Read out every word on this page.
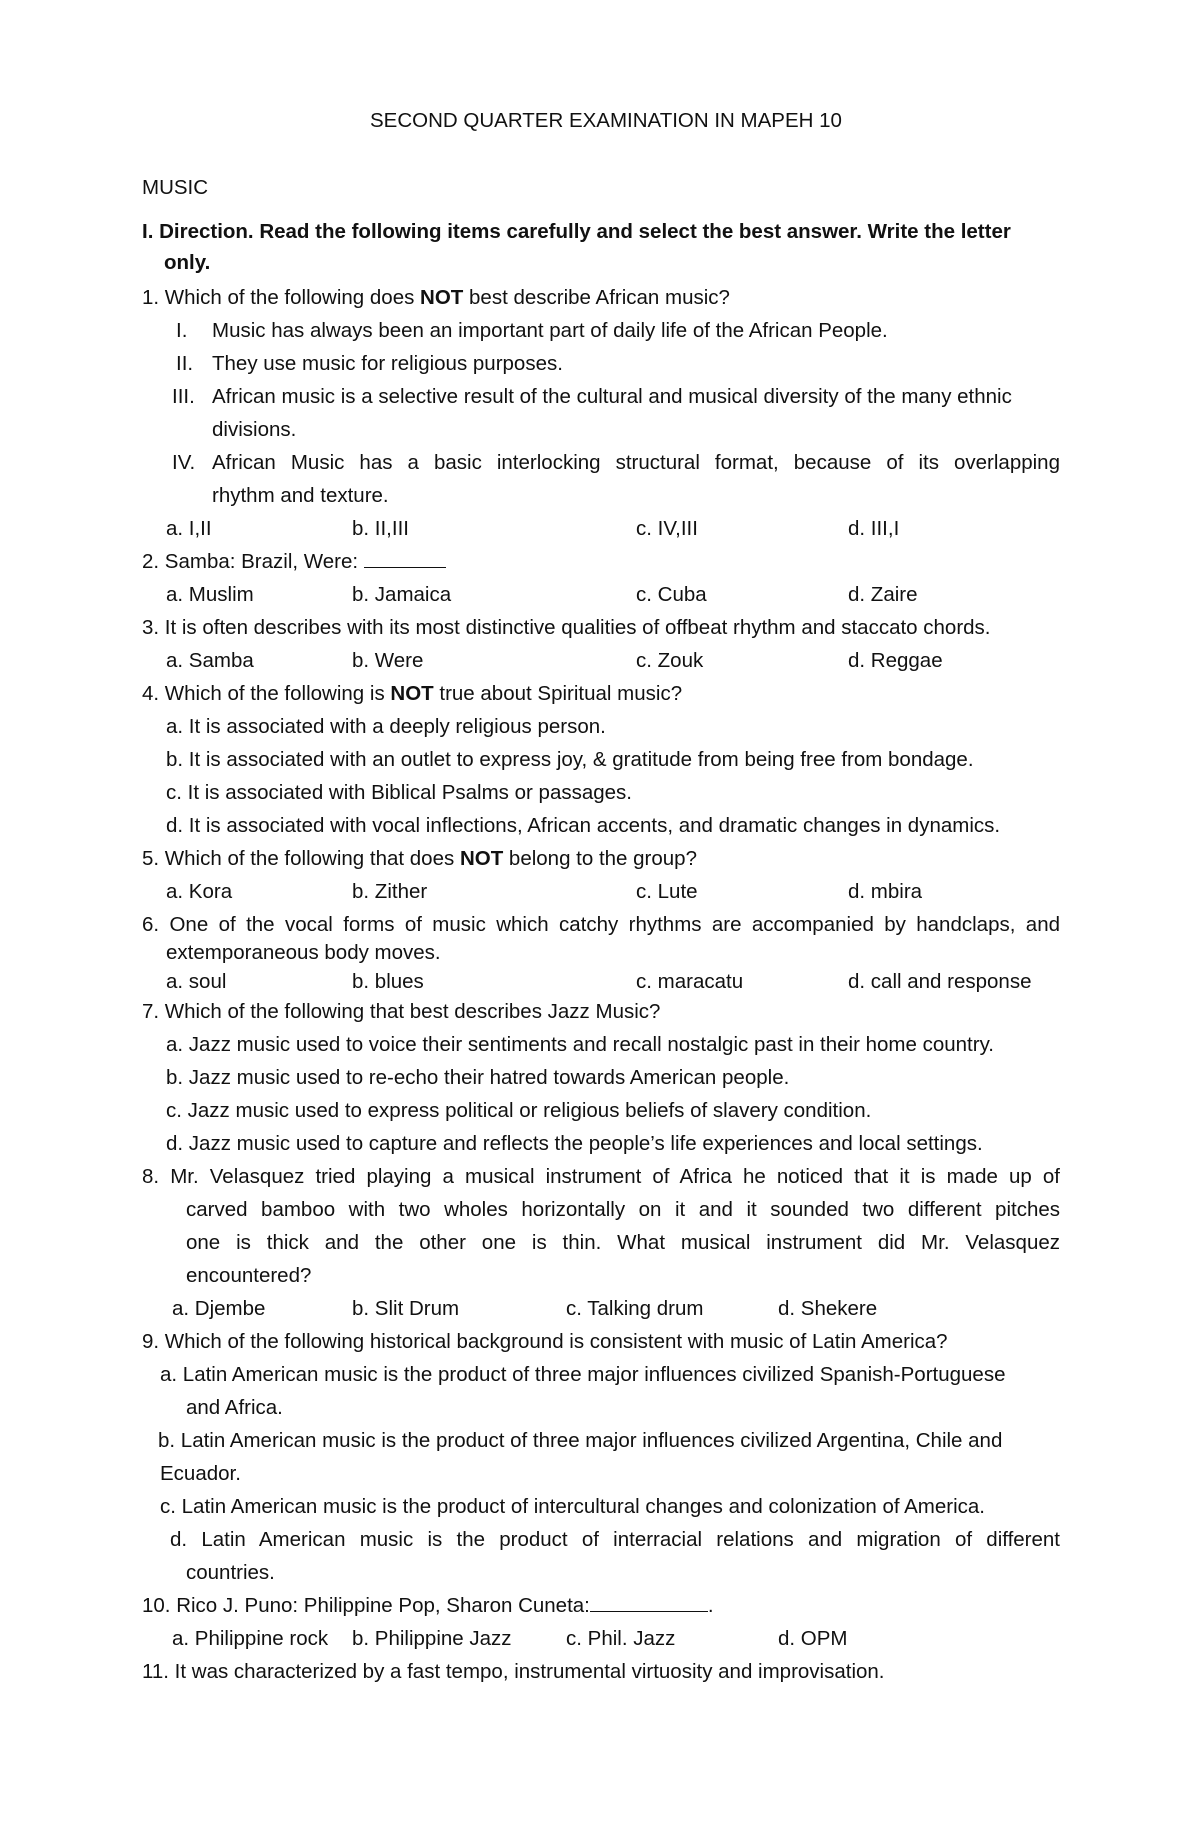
SECOND QUARTER EXAMINATION IN MAPEH 10
MUSIC
I. Direction. Read the following items carefully and select the best answer. Write the letter
only.
1. Which of the following does NOT best describe African music?
I. Music has always been an important part of daily life of the African People.
II. They use music for religious purposes.
III. African music is a selective result of the cultural and musical diversity of the many ethnic
divisions.
IV. African Music has a basic interlocking structural format, because of its overlapping
rhythm and texture.
a. I,II	b. II,III	c. IV,III	d. III,I
2. Samba: Brazil, Were:
a. Muslim	b. Jamaica	c. Cuba	d. Zaire
3. It is often describes with its most distinctive qualities of offbeat rhythm and staccato chords.
a. Samba	b. Were	c. Zouk	d. Reggae
4. Which of the following is NOT true about Spiritual music?
a. It is associated with a deeply religious person.
b. It is associated with an outlet to express joy, & gratitude from being free from bondage.
c. It is associated with Biblical Psalms or passages.
d. It is associated with vocal inflections, African accents, and dramatic changes in dynamics.
5. Which of the following that does NOT belong to the group?
a. Kora	b. Zither	c. Lute	d. mbira
6. One of the vocal forms of music which catchy rhythms are accompanied by handclaps, and
extemporaneous body moves.
a. soul	b. blues	c. maracatu	d. call and response
7. Which of the following that best describes Jazz Music?
a. Jazz music used to voice their sentiments and recall nostalgic past in their home country.
b. Jazz music used to re-echo their hatred towards American people.
c. Jazz music used to express political or religious beliefs of slavery condition.
d. Jazz music used to capture and reflects the people’s life experiences and local settings.
8. Mr. Velasquez tried playing a musical instrument of Africa he noticed that it is made up of
carved bamboo with two wholes horizontally on it and it sounded two different pitches
one is thick and the other one is thin. What musical instrument did Mr. Velasquez
encountered?
a. Djembe	b. Slit Drum	c. Talking drum	d. Shekere
9. Which of the following historical background is consistent with music of Latin America?
a. Latin American music is the product of three major influences civilized Spanish-Portuguese
and Africa.
b. Latin American music is the product of three major influences civilized Argentina, Chile and
Ecuador.
c. Latin American music is the product of intercultural changes and colonization of America.
d. Latin American music is the product of interracial relations and migration of different
countries.
10. Rico J. Puno: Philippine Pop, Sharon Cuneta:	.
a. Philippine rock b. Philippine Jazz	c. Phil. Jazz	d. OPM
11. It was characterized by a fast tempo, instrumental virtuosity and improvisation.
